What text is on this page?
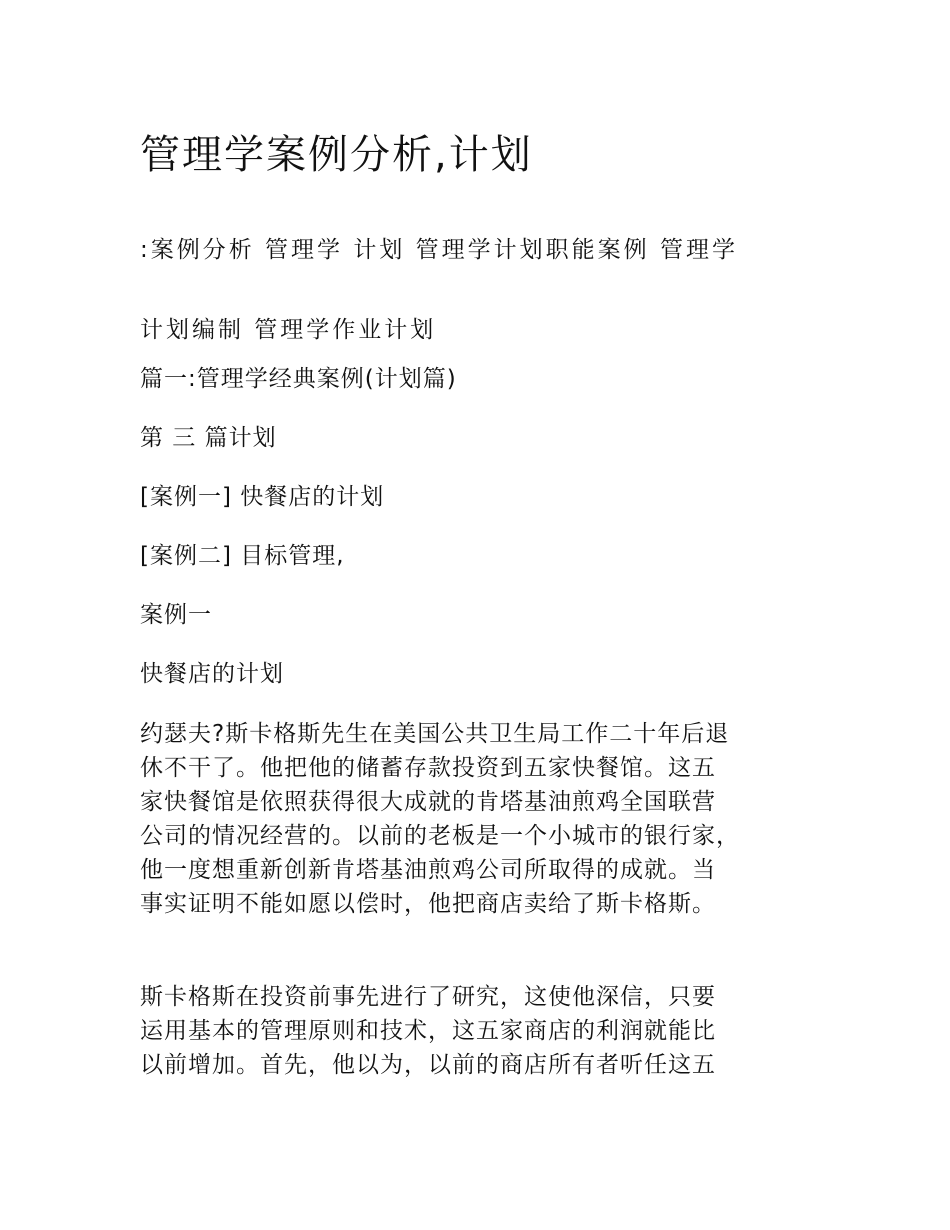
管理学案例分析,计划
:案例分析 管理学 计划 管理学计划职能案例 管理学
计划编制 管理学作业计划

篇一:管理学经典案例(计划篇)

第 三 篇计划

[案例一] 快餐店的计划

[案例二] 目标管理,

案例一

快餐店的计划

约瑟夫?斯卡格斯先生在美国公共卫生局工作二十年后退
休不干了。他把他的储蓄存款投资到五家快餐馆。这五
家快餐馆是依照获得很大成就的肯塔基油煎鸡全国联营
公司的情况经营的。以前的老板是一个小城市的银行家，
他一度想重新创新肯塔基油煎鸡公司所取得的成就。当
事实证明不能如愿以偿时，他把商店卖给了斯卡格斯。
斯卡格斯在投资前事先进行了研究，这使他深信，只要
运用基本的管理原则和技术，这五家商店的利润就能比
以前增加。首先，他以为，以前的商店所有者听任这五
